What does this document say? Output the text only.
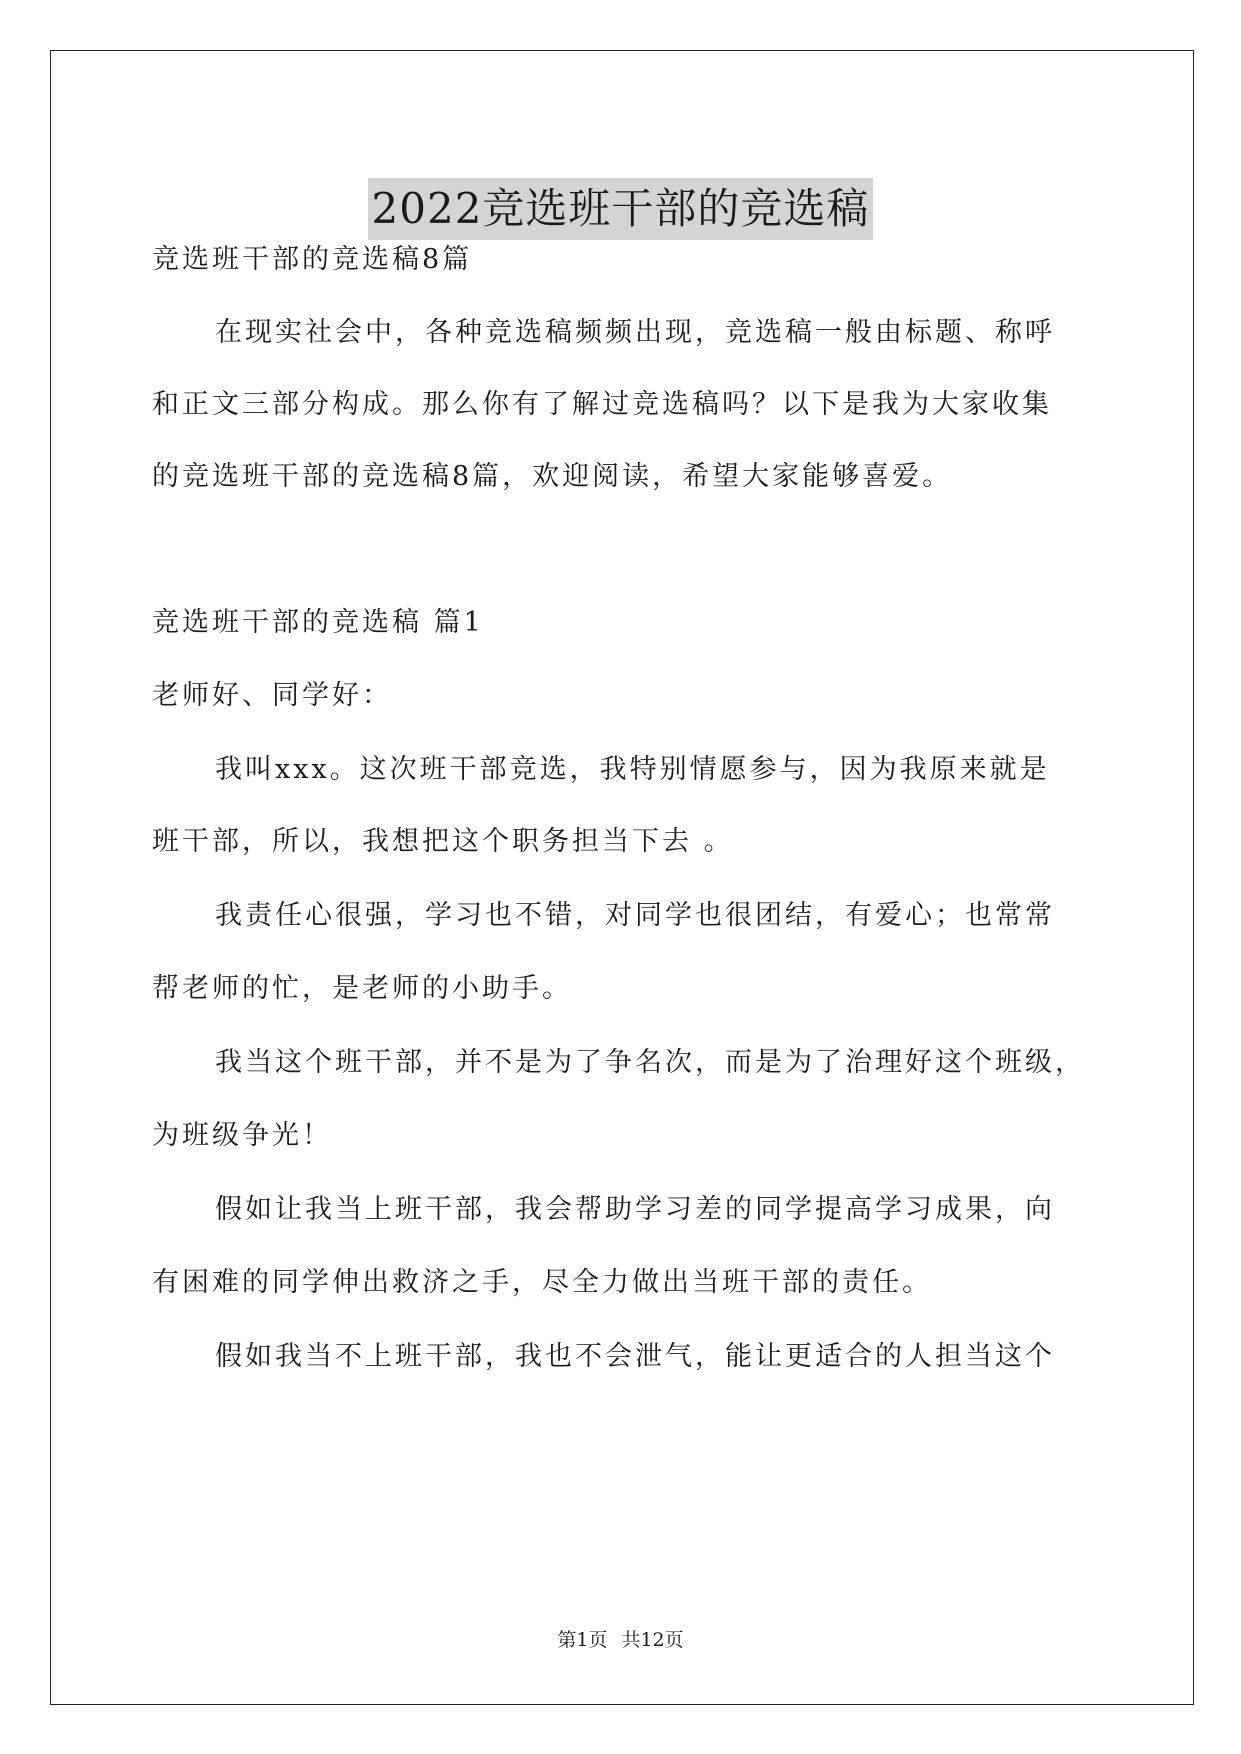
2022竞选班干部的竞选稿
竞选班干部的竞选稿8篇
在现实社会中，各种竞选稿频频出现，竞选稿一般由标题、称呼
和正文三部分构成。那么你有了解过竞选稿吗？以下是我为大家收集
的竞选班干部的竞选稿8篇，欢迎阅读，希望大家能够喜爱。
竞选班干部的竞选稿 篇1
老师好、同学好：
我叫xxx。这次班干部竞选，我特别情愿参与，因为我原来就是
班干部，所以，我想把这个职务担当下去 。
我责任心很强，学习也不错，对同学也很团结，有爱心；也常常
帮老师的忙，是老师的小助手。
我当这个班干部，并不是为了争名次，而是为了治理好这个班级，
为班级争光！
假如让我当上班干部，我会帮助学习差的同学提高学习成果，向
有困难的同学伸出救济之手，尽全力做出当班干部的责任。
假如我当不上班干部，我也不会泄气，能让更适合的人担当这个
第1页 共12页
